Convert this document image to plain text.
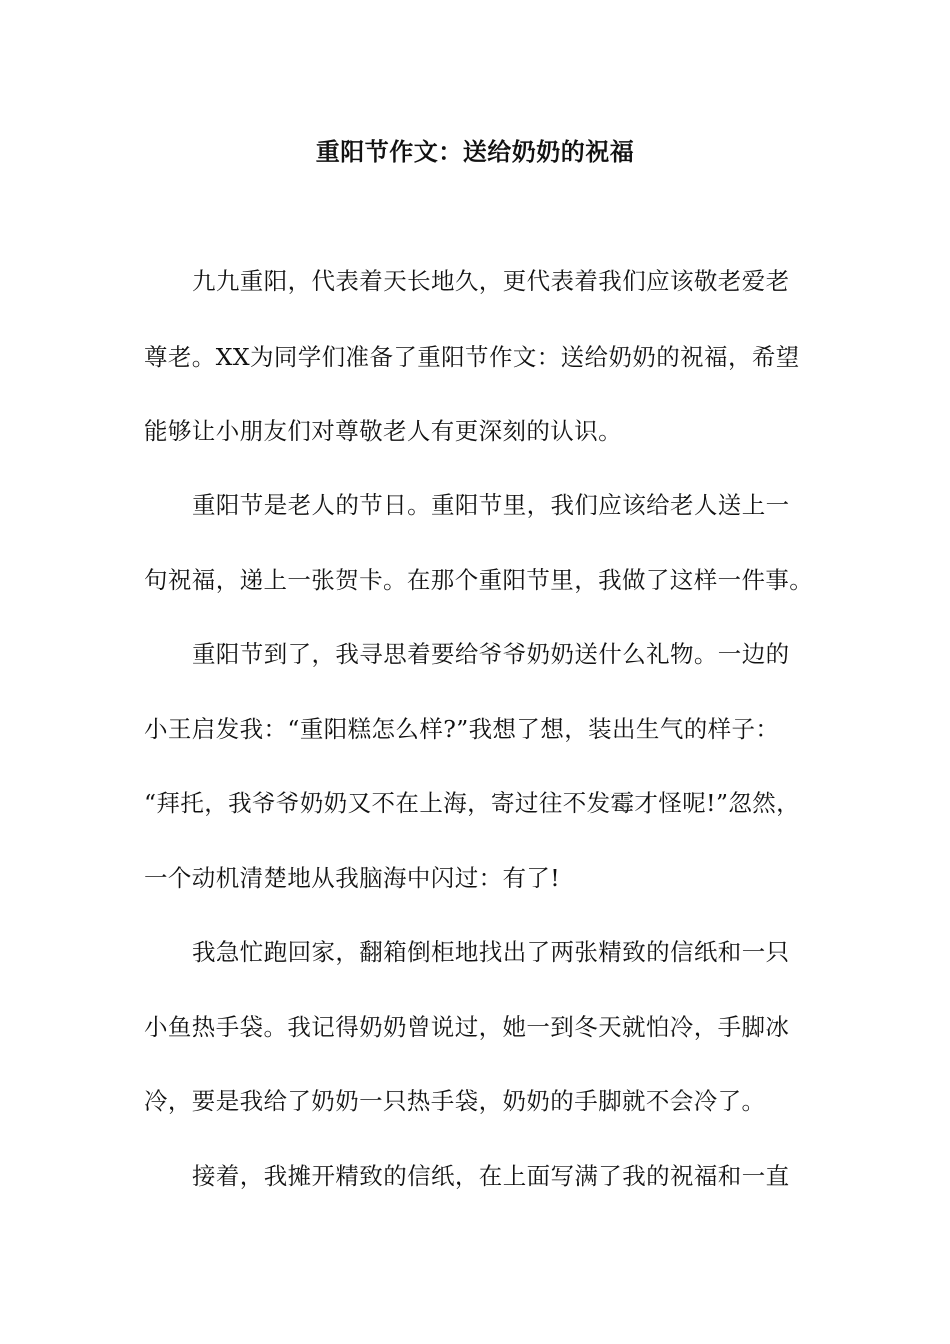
重阳节作文：送给奶奶的祝福
九九重阳，代表着天长地久，更代表着我们应该敬老爱老
尊老。XX为同学们准备了重阳节作文：送给奶奶的祝福，希望
能够让小朋友们对尊敬老人有更深刻的认识。
重阳节是老人的节日。重阳节里，我们应该给老人送上一
句祝福，递上一张贺卡。在那个重阳节里，我做了这样一件事。
重阳节到了，我寻思着要给爷爷奶奶送什么礼物。一边的
小王启发我：“重阳糕怎么样?”我想了想，装出生气的样子：
“拜托，我爷爷奶奶又不在上海，寄过往不发霉才怪呢!”忽然，
一个动机清楚地从我脑海中闪过：有了!
我急忙跑回家，翻箱倒柜地找出了两张精致的信纸和一只
小鱼热手袋。我记得奶奶曾说过，她一到冬天就怕冷，手脚冰
冷，要是我给了奶奶一只热手袋，奶奶的手脚就不会冷了。
接着，我摊开精致的信纸，在上面写满了我的祝福和一直
